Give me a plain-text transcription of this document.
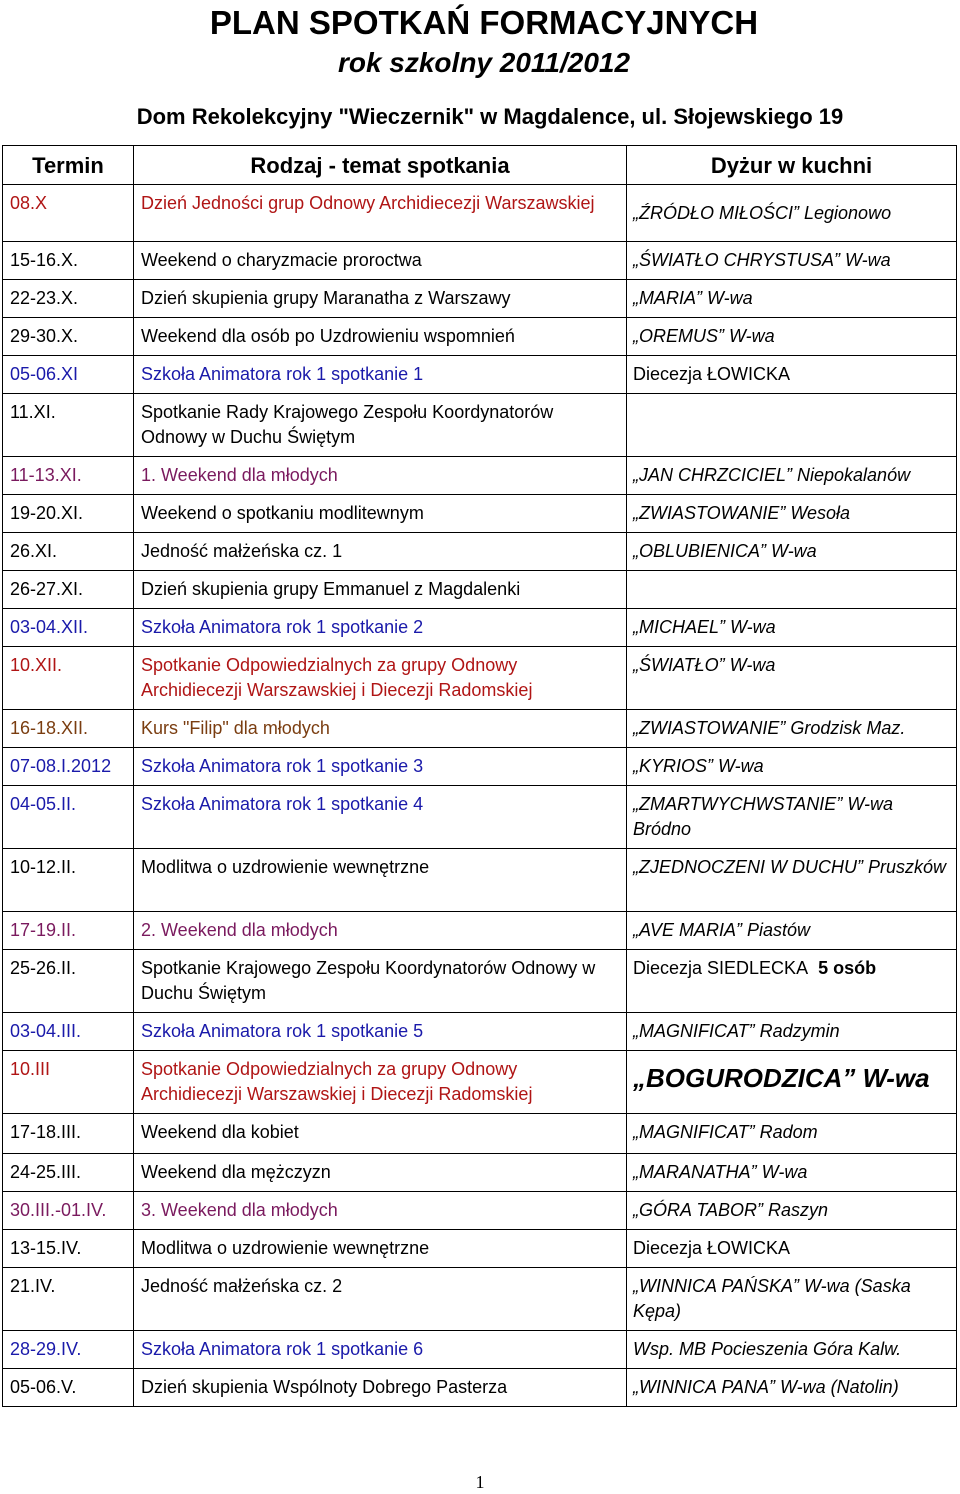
PLAN SPOTKAŃ FORMACYJNYCH
rok szkolny 2011/2012
Dom Rekolekcyjny "Wieczernik" w Magdalence, ul. Słojewskiego 19
Termin	Rodzaj - temat spotkania	Dyżur w kuchni

08.X	Dzień Jedności grup Odnowy Archidiecezji Warszawskiej	„ŹRÓDŁO MIŁOŚCI” Legionowo

15-16.X.	Weekend o charyzmacie proroctwa	„ŚWIATŁO CHRYSTUSA” W-wa

22-23.X.	Dzień skupienia grupy Maranatha z Warszawy	„MARIA” W-wa

29-30.X.	Weekend dla osób po Uzdrowieniu wspomnień	„OREMUS” W-wa

05-06.XI	Szkoła Animatora rok 1 spotkanie 1	Diecezja ŁOWICKA

11.XI.	Spotkanie Rady Krajowego Zespołu Koordynatorów Odnowy w Duchu Świętym	

11-13.XI.	1. Weekend dla młodych	„JAN CHRZCICIEL” Niepokalanów

19-20.XI.	Weekend o spotkaniu modlitewnym	„ZWIASTOWANIE” Wesoła

26.XI.	Jedność małżeńska cz. 1	„OBLUBIENICA” W-wa

26-27.XI.	Dzień skupienia grupy Emmanuel z Magdalenki	

03-04.XII.	Szkoła Animatora rok 1 spotkanie 2	„MICHAEL” W-wa

10.XII.	Spotkanie Odpowiedzialnych za grupy Odnowy Archidiecezji Warszawskiej i Diecezji Radomskiej	„ŚWIATŁO” W-wa

16-18.XII.	Kurs "Filip" dla młodych	„ZWIASTOWANIE” Grodzisk Maz.

07-08.I.2012	Szkoła Animatora rok 1 spotkanie 3	„KYRIOS” W-wa

04-05.II.	Szkoła Animatora rok 1 spotkanie 4	„ZMARTWYCHWSTANIE” W-wa Bródno

10-12.II.	Modlitwa o uzdrowienie wewnętrzne	„ZJEDNOCZENI W DUCHU” Pruszków

17-19.II.	2. Weekend dla młodych	„AVE MARIA” Piastów

25-26.II.	Spotkanie Krajowego Zespołu Koordynatorów Odnowy w Duchu Świętym	Diecezja SIEDLECKA 5 osób

03-04.III.	Szkoła Animatora rok 1 spotkanie 5	„MAGNIFICAT” Radzymin

10.III	Spotkanie Odpowiedzialnych za grupy Odnowy Archidiecezji Warszawskiej i Diecezji Radomskiej	„BOGURODZICA” W-wa

17-18.III.	Weekend dla kobiet	„MAGNIFICAT” Radom

24-25.III.	Weekend dla mężczyzn	„MARANATHA” W-wa

30.III.-01.IV.	3. Weekend dla młodych	„GÓRA TABOR” Raszyn

13-15.IV.	Modlitwa o uzdrowienie wewnętrzne	Diecezja ŁOWICKA

21.IV.	Jedność małżeńska cz. 2	„WINNICA PAŃSKA” W-wa (Saska Kępa)

28-29.IV.	Szkoła Animatora rok 1 spotkanie 6	Wsp. MB Pocieszenia Góra Kalw.

05-06.V.	Dzień skupienia Wspólnoty Dobrego Pasterza	„WINNICA PANA” W-wa (Natolin)
1
